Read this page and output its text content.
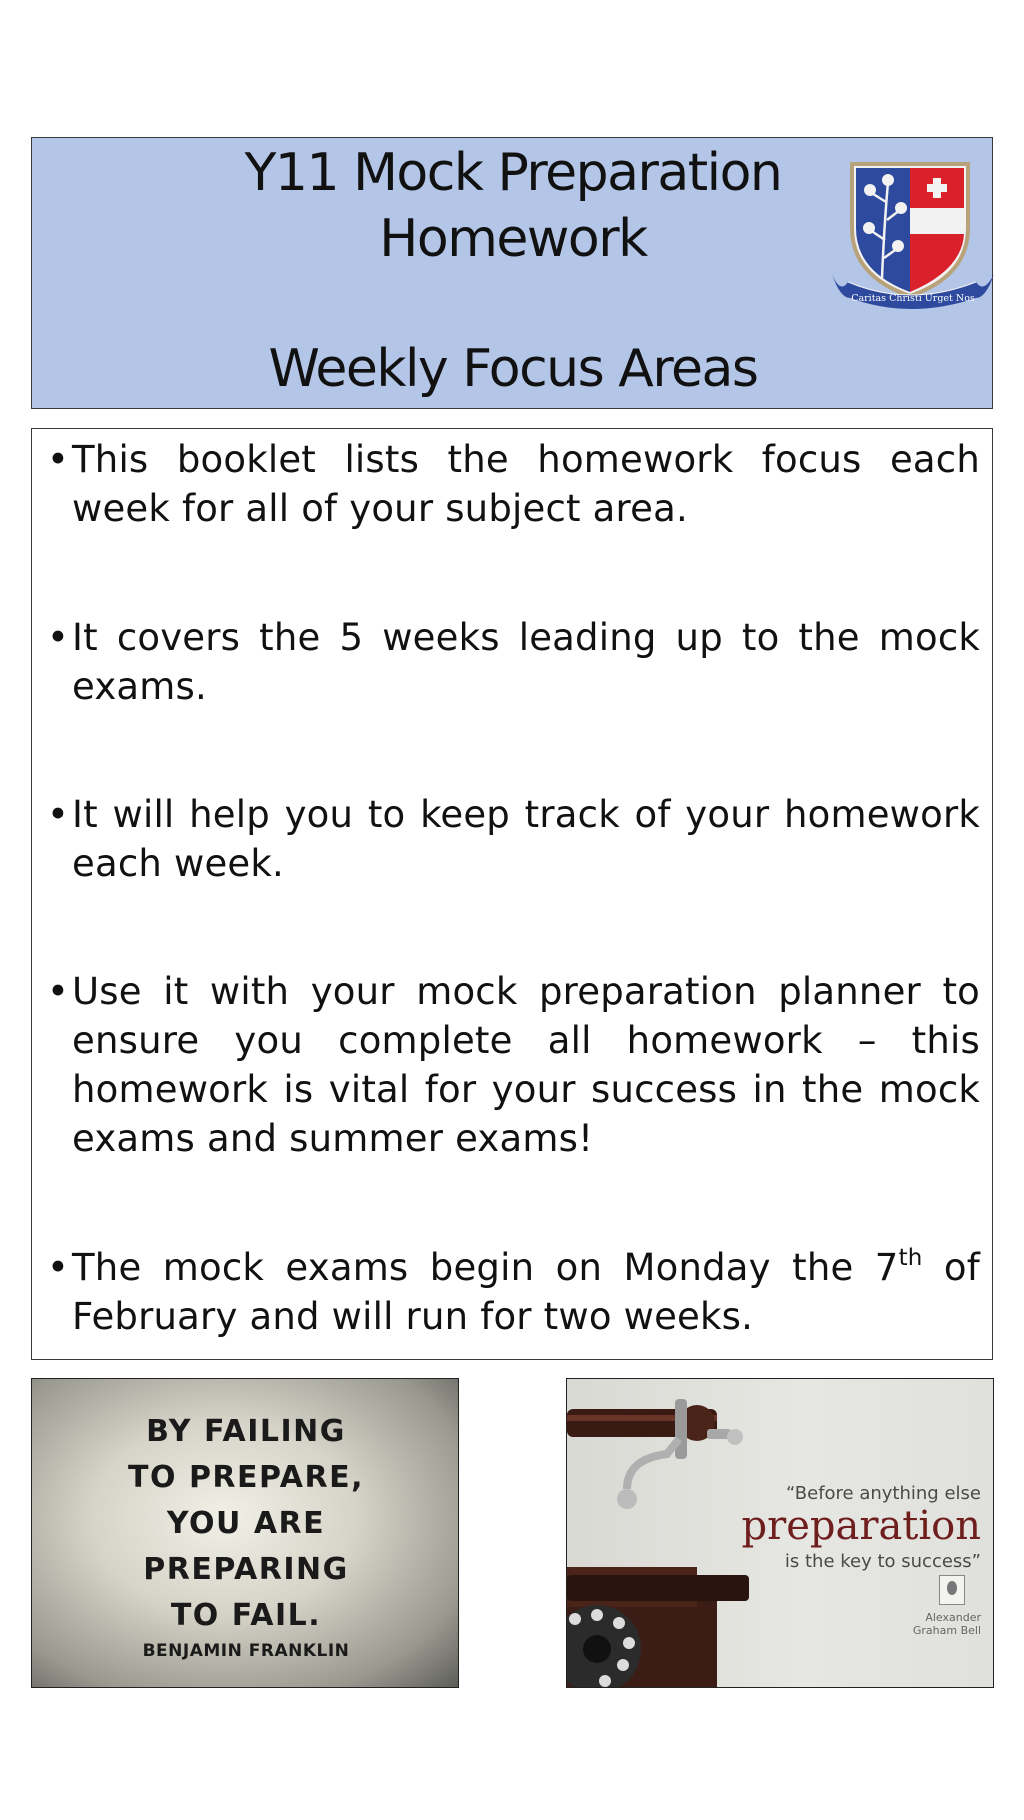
Y11 Mock Preparation
Homework
Weekly Focus Areas
Caritas Christi Urget Nos
• This booklet lists the homework focus each week for all of your subject area.
• It covers the 5 weeks leading up to the mock exams.
• It will help you to keep track of your homework each week.
• Use it with your mock preparation planner to ensure you complete all homework – this homework is vital for your success in the mock exams and summer exams!
• The mock exams begin on Monday the 7th of February and will run for two weeks.
BY FAILING
TO PREPARE,
YOU ARE
PREPARING
TO FAIL.
BENJAMIN FRANKLIN
“Before anything else
preparation
is the key to success”
Alexander
Graham Bell
